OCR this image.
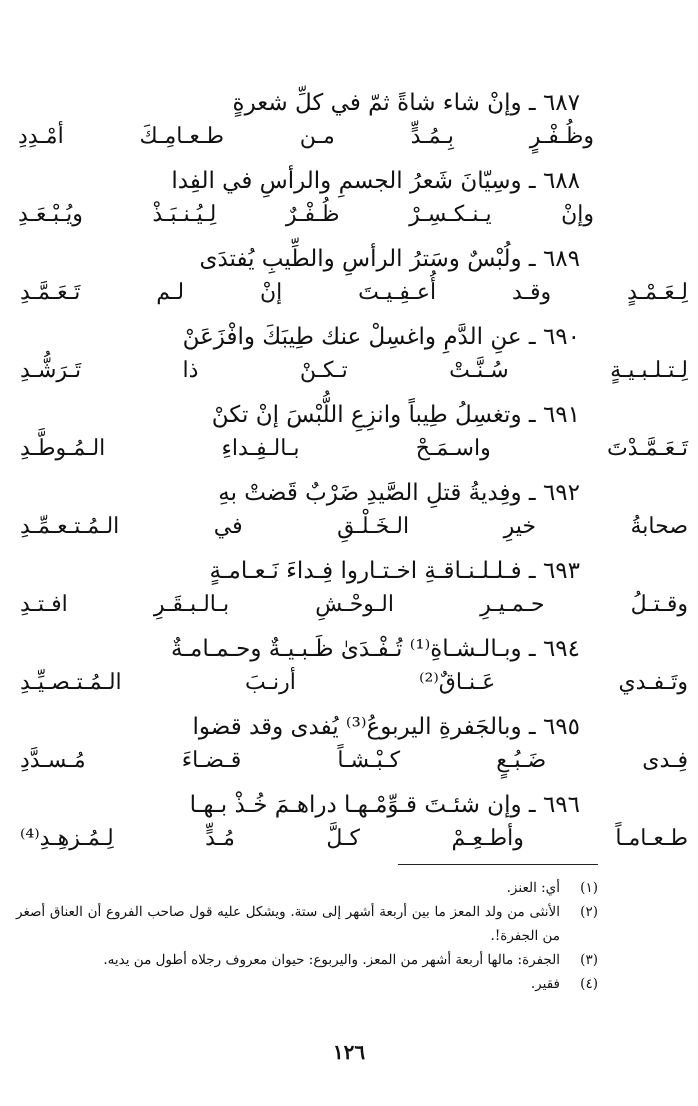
٦٨٧ ـ وإنْ شاء شاةً ثمّ في كلِّ شعرةٍ
وظُـفْـرٍ بِـمُـدٍّ مـن طـعـامِـكَ أمْـدِدِ
٦٨٨ ـ وسِيّانَ شَعرُ الجسمِ والرأسِ في الفِدا
وإنْ يـنـكـسِـرْ ظُـفْـرٌ لِـيُـنـبَـذْ ويُـبْـعَـدِ
٦٨٩ ـ ولُبْسٌ وسَترُ الرأسِ والطِّيبِ يُفتدَى
لِـعَـمْـدٍ وقـد أُعـفِـيـتَ إنْ لـم تَـعَـمَّـدِ
٦٩٠ ـ عنِ الدَّمِ واغسِلْ عنك طِيبَكَ وافْزَعَنْ
لِـتـلـبـيـةٍ سُـنَّـتْ تـكـنْ ذا تَـرَشُّـدِ
٦٩١ ـ وتغسِلُ طِيباً وانزِعِ اللُّبْسَ إنْ تكنْ
تَـعَـمَّـدْتَ واسـمَـحْ بـالـفِـداءِ الـمُـوطَّـدِ
٦٩٢ ـ وفِديةُ قتلِ الصَّيدِ ضَرْبٌ قَضتْ بهِ
صحابةُ خيرِ الـخَـلْـقِ في الـمُـتـعـمِّـدِ
٦٩٣ ـ فـلـلـنـاقـةِ اخـتـاروا فِـداءَ نَـعـامـةٍ
وقـتـلُ حـمـيـرِ الـوحْـشِ بـالـبـقَـرِ افـتـدِ
٦٩٤ ـ وبـالـشـاةِ⁽¹⁾ تُـفْـدَىٰ ظَـبـيـةٌ وحـمـامـةٌ
وتَـفـدي عَـنـاقٌ⁽²⁾ أرنـبَ الـمُـتـصـيِّـدِ
٦٩٥ ـ وبالجَفرةِ اليربوعُ⁽³⁾ يُفدى وقد قضوا
فِـدى ضَـبُـعٍ كـبْـشـاً قـضـاءَ مُـسـدَّدِ
٦٩٦ ـ وإن شئـتَ قـوِّمْـهـا دراهـمَ خُـذْ بـهـا
طـعـامـاً وأطـعِـمْ كـلَّ مُـدٍّ لِـمُـزهِـدِ⁽⁴⁾
(١)
أي: العنز.
(٢)
الأنثى من ولد المعز ما بين أربعة أشهر إلى ستة. ويشكل عليه قول صاحب الفروع أن العناق أصغر من الجفرة!.
(٣)
الجفرة: مالها أربعة أشهر من المعز. واليربوع: حيوان معروف رجلاه أطول من يديه.
(٤)
فقير.
١٢٦
